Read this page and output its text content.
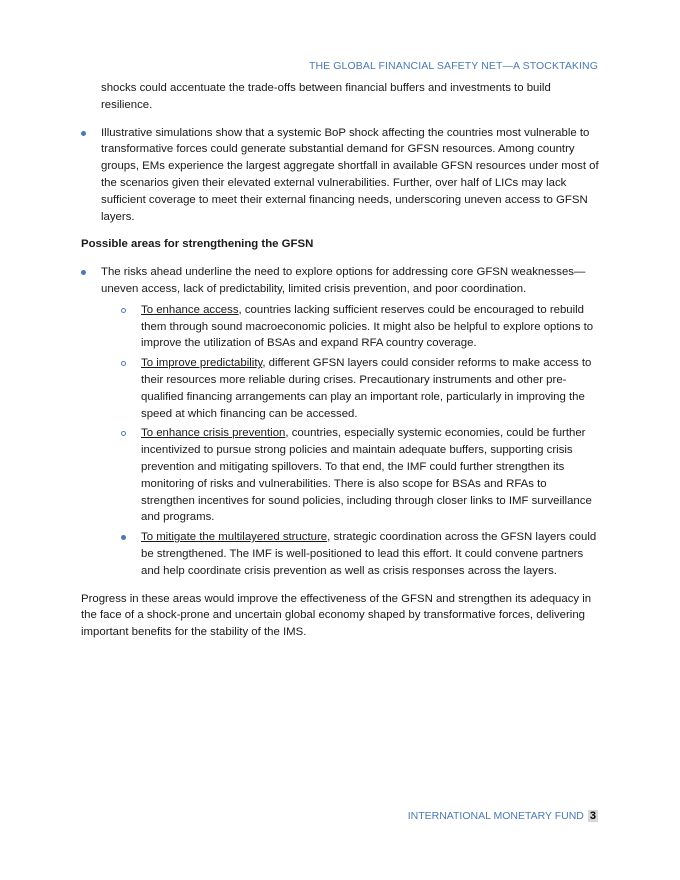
THE GLOBAL FINANCIAL SAFETY NET—A STOCKTAKING

shocks could accentuate the trade-offs between financial buffers and investments to build resilience.

Illustrative simulations show that a systemic BoP shock affecting the countries most vulnerable to transformative forces could generate substantial demand for GFSN resources. Among country groups, EMs experience the largest aggregate shortfall in available GFSN resources under most of the scenarios given their elevated external vulnerabilities. Further, over half of LICs may lack sufficient coverage to meet their external financing needs, underscoring uneven access to GFSN layers.

Possible areas for strengthening the GFSN

The risks ahead underline the need to explore options for addressing core GFSN weaknesses—uneven access, lack of predictability, limited crisis prevention, and poor coordination.

To enhance access, countries lacking sufficient reserves could be encouraged to rebuild them through sound macroeconomic policies. It might also be helpful to explore options to improve the utilization of BSAs and expand RFA country coverage.
To improve predictability, different GFSN layers could consider reforms to make access to their resources more reliable during crises. Precautionary instruments and other pre-qualified financing arrangements can play an important role, particularly in improving the speed at which financing can be accessed.
To enhance crisis prevention, countries, especially systemic economies, could be further incentivized to pursue strong policies and maintain adequate buffers, supporting crisis prevention and mitigating spillovers. To that end, the IMF could further strengthen its monitoring of risks and vulnerabilities. There is also scope for BSAs and RFAs to strengthen incentives for sound policies, including through closer links to IMF surveillance and programs.
To mitigate the multilayered structure, strategic coordination across the GFSN layers could be strengthened. The IMF is well-positioned to lead this effort. It could convene partners and help coordinate crisis prevention as well as crisis responses across the layers.

Progress in these areas would improve the effectiveness of the GFSN and strengthen its adequacy in the face of a shock-prone and uncertain global economy shaped by transformative forces, delivering important benefits for the stability of the IMS.

INTERNATIONAL MONETARY FUND 3
